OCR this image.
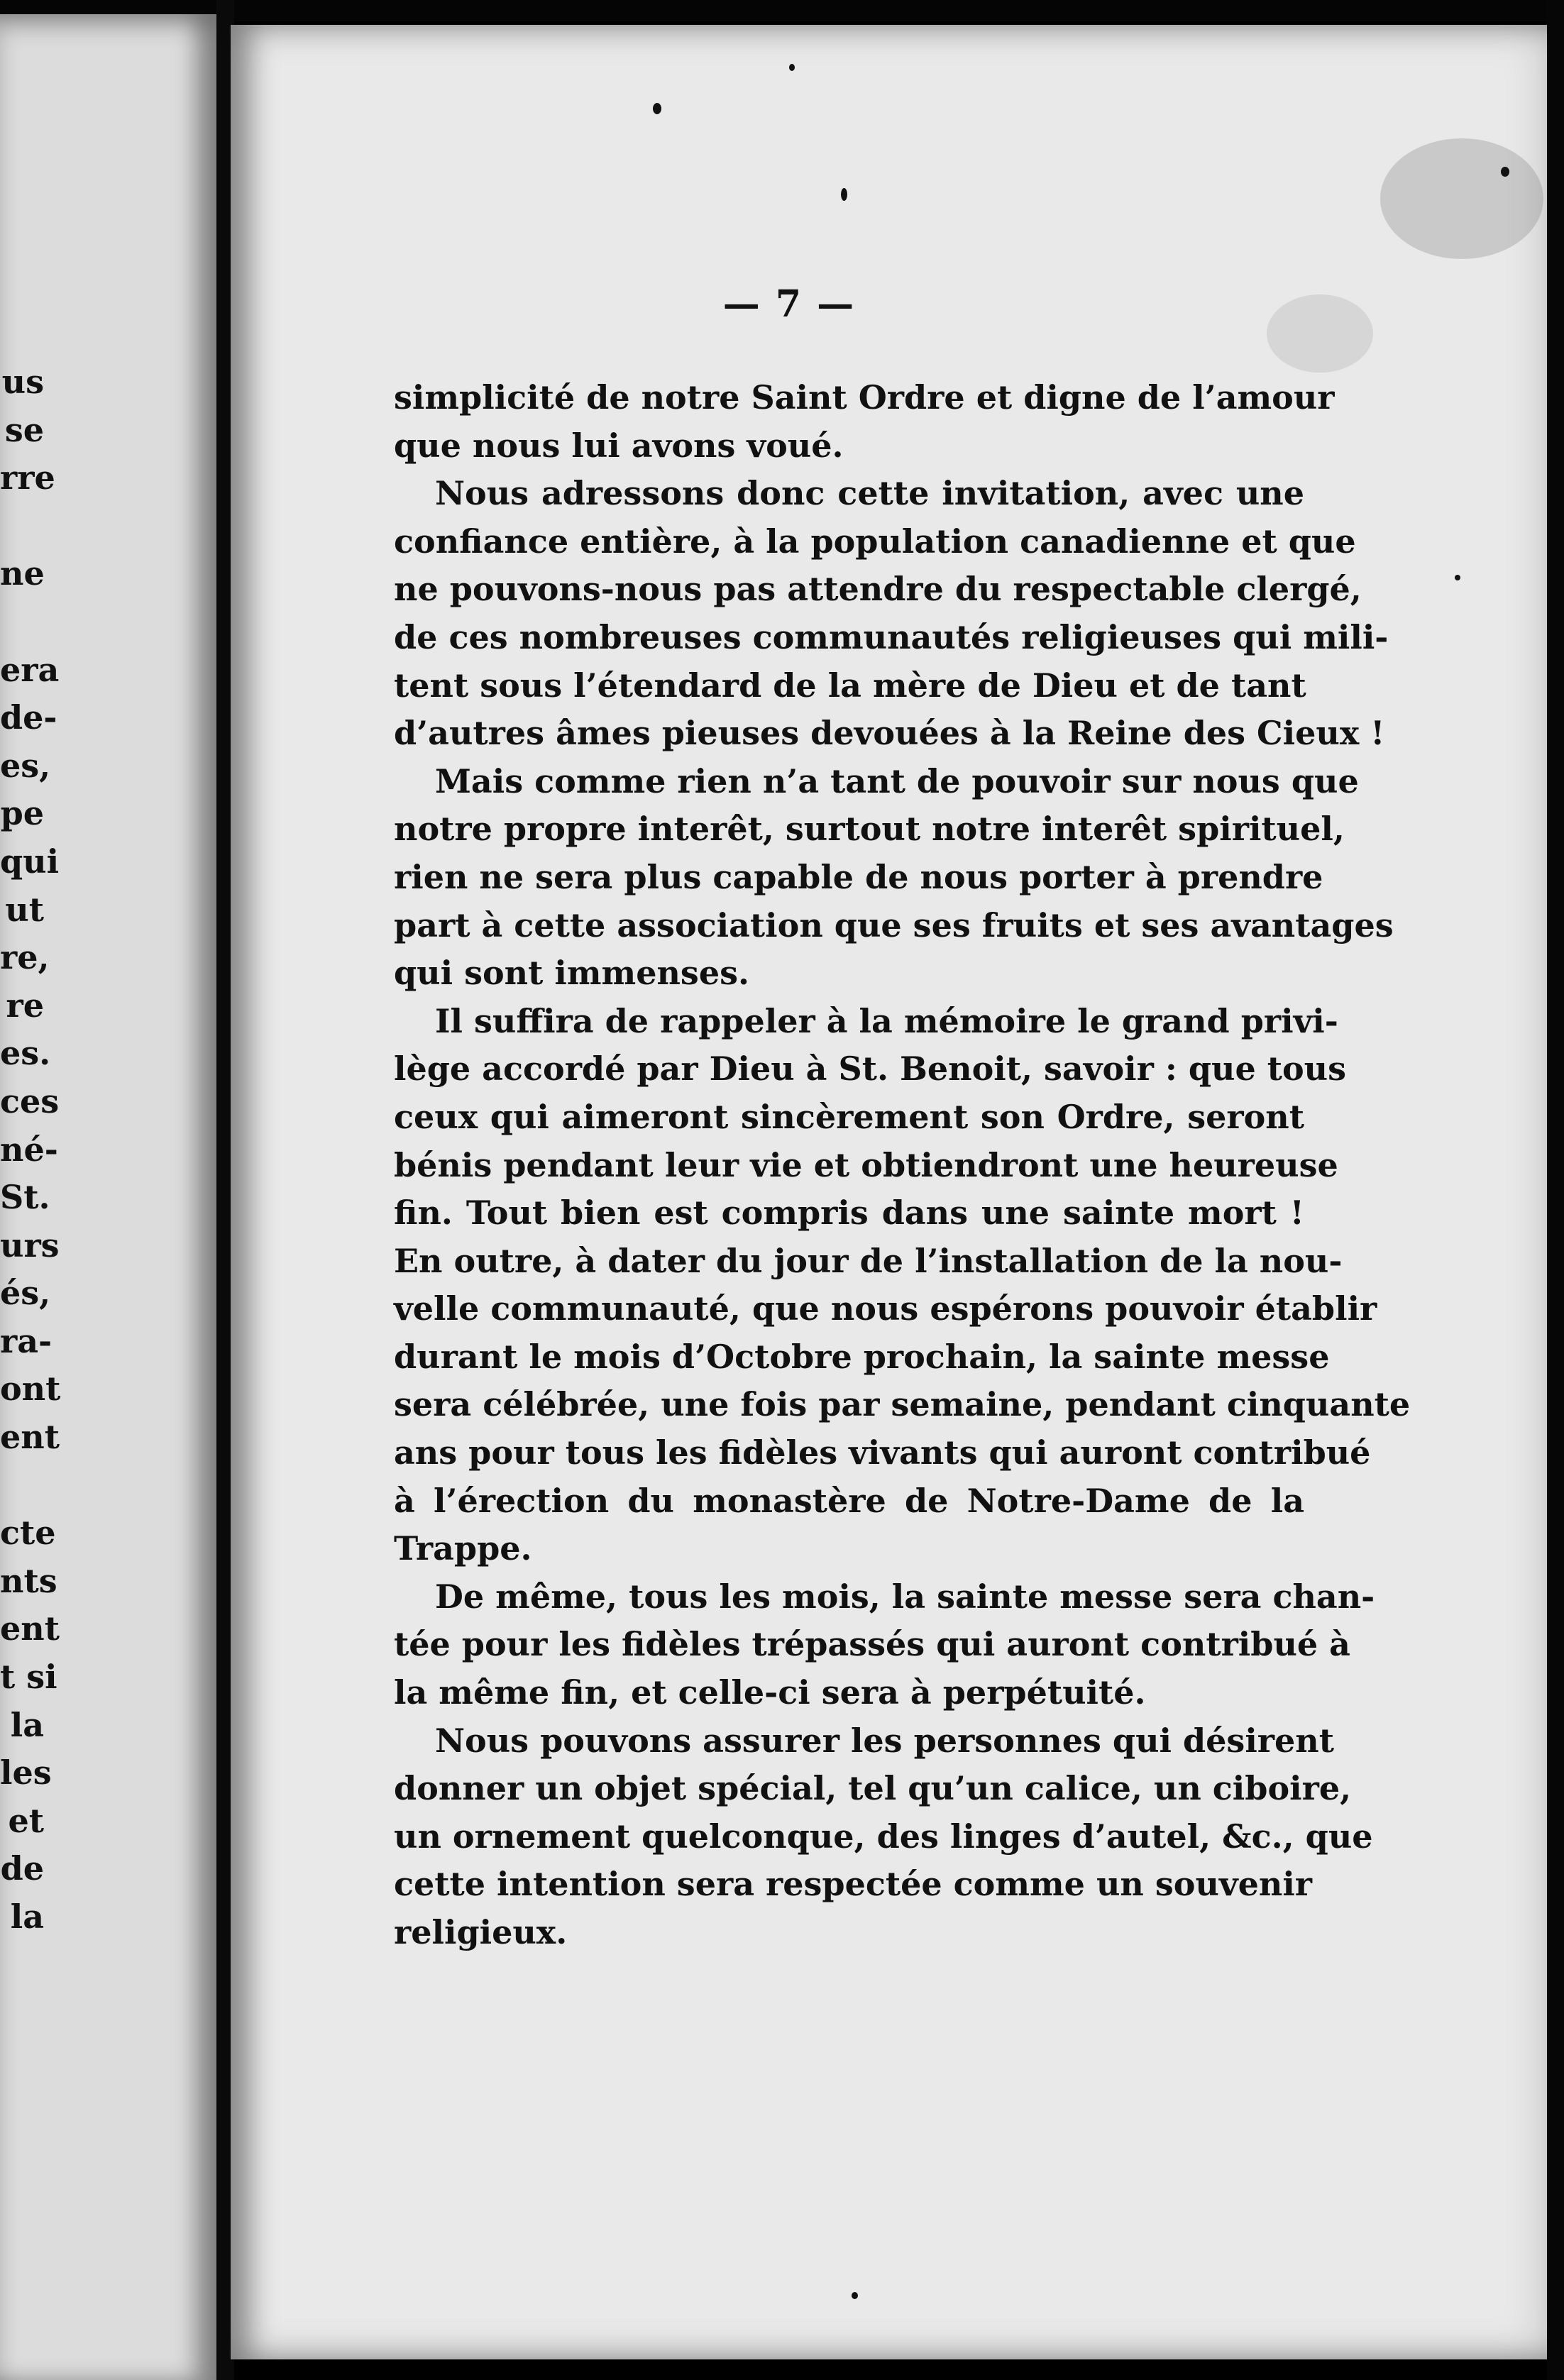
us
se
rre
ne
era
de-
es,
pe
qui
ut
re,
re
es.
ces
né-
St.
urs
és,
ra-
ont
ent
cte
nts
ent
t si
la
les
et
de
la
— 7 —
simplicité de notre Saint Ordre et digne de l’amour
que nous lui avons voué.
Nous adressons donc cette invitation, avec une
confiance entière, à la population canadienne et que
ne pouvons-nous pas attendre du respectable clergé,
de ces nombreuses communautés religieuses qui mili-
tent sous l’étendard de la mère de Dieu et de tant
d’autres âmes pieuses devouées à la Reine des Cieux !
Mais comme rien n’a tant de pouvoir sur nous que
notre propre interêt, surtout notre interêt spirituel,
rien ne sera plus capable de nous porter à prendre
part à cette association que ses fruits et ses avantages
qui sont immenses.
Il suffira de rappeler à la mémoire le grand privi-
lège accordé par Dieu à St. Benoit, savoir : que tous
ceux qui aimeront sincèrement son Ordre, seront
bénis pendant leur vie et obtiendront une heureuse
fin. Tout bien est compris dans une sainte mort !
En outre, à dater du jour de l’installation de la nou-
velle communauté, que nous espérons pouvoir établir
durant le mois d’Octobre prochain, la sainte messe
sera célébrée, une fois par semaine, pendant cinquante
ans pour tous les fidèles vivants qui auront contribué
à l’érection du monastère de Notre-Dame de la
Trappe.
De même, tous les mois, la sainte messe sera chan-
tée pour les fidèles trépassés qui auront contribué à
la même fin, et celle-ci sera à perpétuité.
Nous pouvons assurer les personnes qui désirent
donner un objet spécial, tel qu’un calice, un ciboire,
un ornement quelconque, des linges d’autel, &c., que
cette intention sera respectée comme un souvenir
religieux.
